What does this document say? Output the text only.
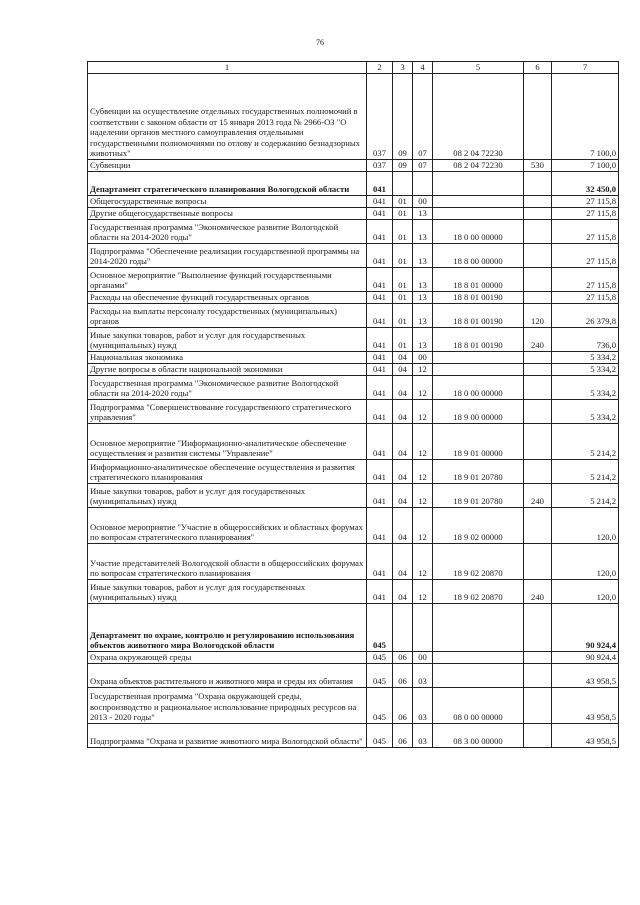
76
1	2	3	4	5	6	7
Субвенции на осуществление отдельных государственных полномочий в соответствии с законом области от 15 января 2013 года № 2966-ОЗ "О наделении органов местного самоуправления отдельными государственными полномочиями по отлову и содержанию безнадзорных животных"	037	09	07	08 2 04 72230		7 100,0
Субвенции	037	09	07	08 2 04 72230	530	7 100,0
Департамент стратегического планирования Вологодской области	041					32 450,0
Общегосударственные вопросы	041	01	00			27 115,8
Другие общегосударственные вопросы	041	01	13			27 115,8
Государственная программа "Экономическое развитие Вологодской области на 2014-2020 годы"	041	01	13	18 0 00 00000		27 115,8
Подпрограмма "Обеспечение реализации государственной программы на 2014-2020 годы"	041	01	13	18 8 00 00000		27 115,8
Основное мероприятие "Выполнение функций государственными органами"	041	01	13	18 8 01 00000		27 115,8
Расходы на обеспечение функций государственных органов	041	01	13	18 8 01 00190		27 115,8
Расходы на выплаты персоналу государственных (муниципальных) органов	041	01	13	18 8 01 00190	120	26 379,8
Иные закупки товаров, работ и услуг для государственных (муниципальных) нужд	041	01	13	18 8 01 00190	240	736,0
Национальная экономика	041	04	00			5 334,2
Другие вопросы в области национальной экономики	041	04	12			5 334,2
Государственная программа "Экономическое развитие Вологодской области на 2014-2020 годы"	041	04	12	18 0 00 00000		5 334,2
Подпрограмма "Совершенствование государственного стратегического управления"	041	04	12	18 9 00 00000		5 334,2
Основное мероприятие "Информационно-аналитическое обеспечение осуществления и развития системы "Управление"	041	04	12	18 9 01 00000		5 214,2
Информационно-аналитическое обеспечение осуществления и развития стратегического планирования	041	04	12	18 9 01 20780		5 214,2
Иные закупки товаров, работ и услуг для государственных (муниципальных) нужд	041	04	12	18 9 01 20780	240	5 214,2
Основное мероприятие "Участие в общероссийских и областных форумах по вопросам стратегического планирования"	041	04	12	18 9 02 00000		120,0
Участие представителей Вологодской области в общероссийских форумах по вопросам стратегического планирования	041	04	12	18 9 02 20870		120,0
Иные закупки товаров, работ и услуг для государственных (муниципальных) нужд	041	04	12	18 9 02 20870	240	120,0
Департамент по охране, контролю и регулированию использования объектов животного мира Вологодской области	045					90 924,4
Охрана окружающей среды	045	06	00			90 924,4
Охрана объектов растительного и животного мира и среды их обитания	045	06	03			43 958,5
Государственная программа "Охрана окружающей среды, воспроизводство и рациональное использование природных ресурсов на 2013 - 2020 годы"	045	06	03	08 0 00 00000		43 958,5
Подпрограмма "Охрана и развитие животного мира Вологодской области"	045	06	03	08 3 00 00000		43 958,5
